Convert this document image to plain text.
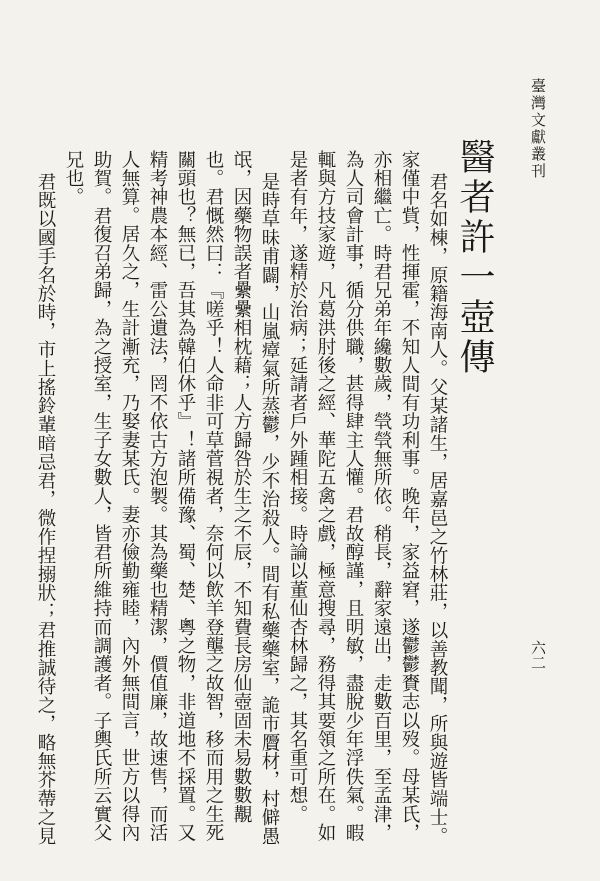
臺灣文獻叢刊
六二
醫者許一壺傳

君名如棟，原籍海南人。父某諸生，居嘉邑之竹林莊，以善教聞，所與遊皆端士。家僅中貲，性揮霍，不知人間有功利事。晚年，家益窘，遂鬱鬱賚志以歿。母某氏，亦相繼亡。時君兄弟年纔數歲，煢煢無所依。稍長，辭家遠出，走數百里，至孟津，為人司會計事，循分供職，甚得肆主人懽。君故醇謹，且明敏，盡脫少年浮佚氣。暇輒與方技家遊，凡葛洪肘後之經、華陀五禽之戲，極意搜尋，務得其要領之所在。如是者有年，遂精於治病；延請者戶外踵相接。時論以董仙杏林歸之，其名重可想。

是時草昧甫闢，山嵐瘴氣所蒸鬱，少不治殺人。間有私藥藥室，詭市贗材，村僻愚氓，因藥物誤者纍纍相枕藉；人方歸咎於生之不辰，不知費長房仙壺固未易數數覯也。君慨然曰：『嗟乎！人命非可草菅視者，奈何以飲羊登壟之故智，移而用之生死關頭也？無已，吾其為韓伯休乎』！諸所備豫、蜀、楚、粵之物，非道地不採置。又精考神農本經、雷公遺法，罔不依古方泡製。其為藥也精潔，價值廉，故速售，而活人無算。居久之，生計漸充，乃娶妻某氏。妻亦儉勤雍睦，內外無間言，世方以得內助賀。君復召弟歸，為之授室，生子女數人，皆君所維持而調護者。子輿氏所云實父兄也。

君既以國手名於時，市上搖鈴輩暗忌君，微作捏搦狀；君推誠待之，略無芥蔕之見
